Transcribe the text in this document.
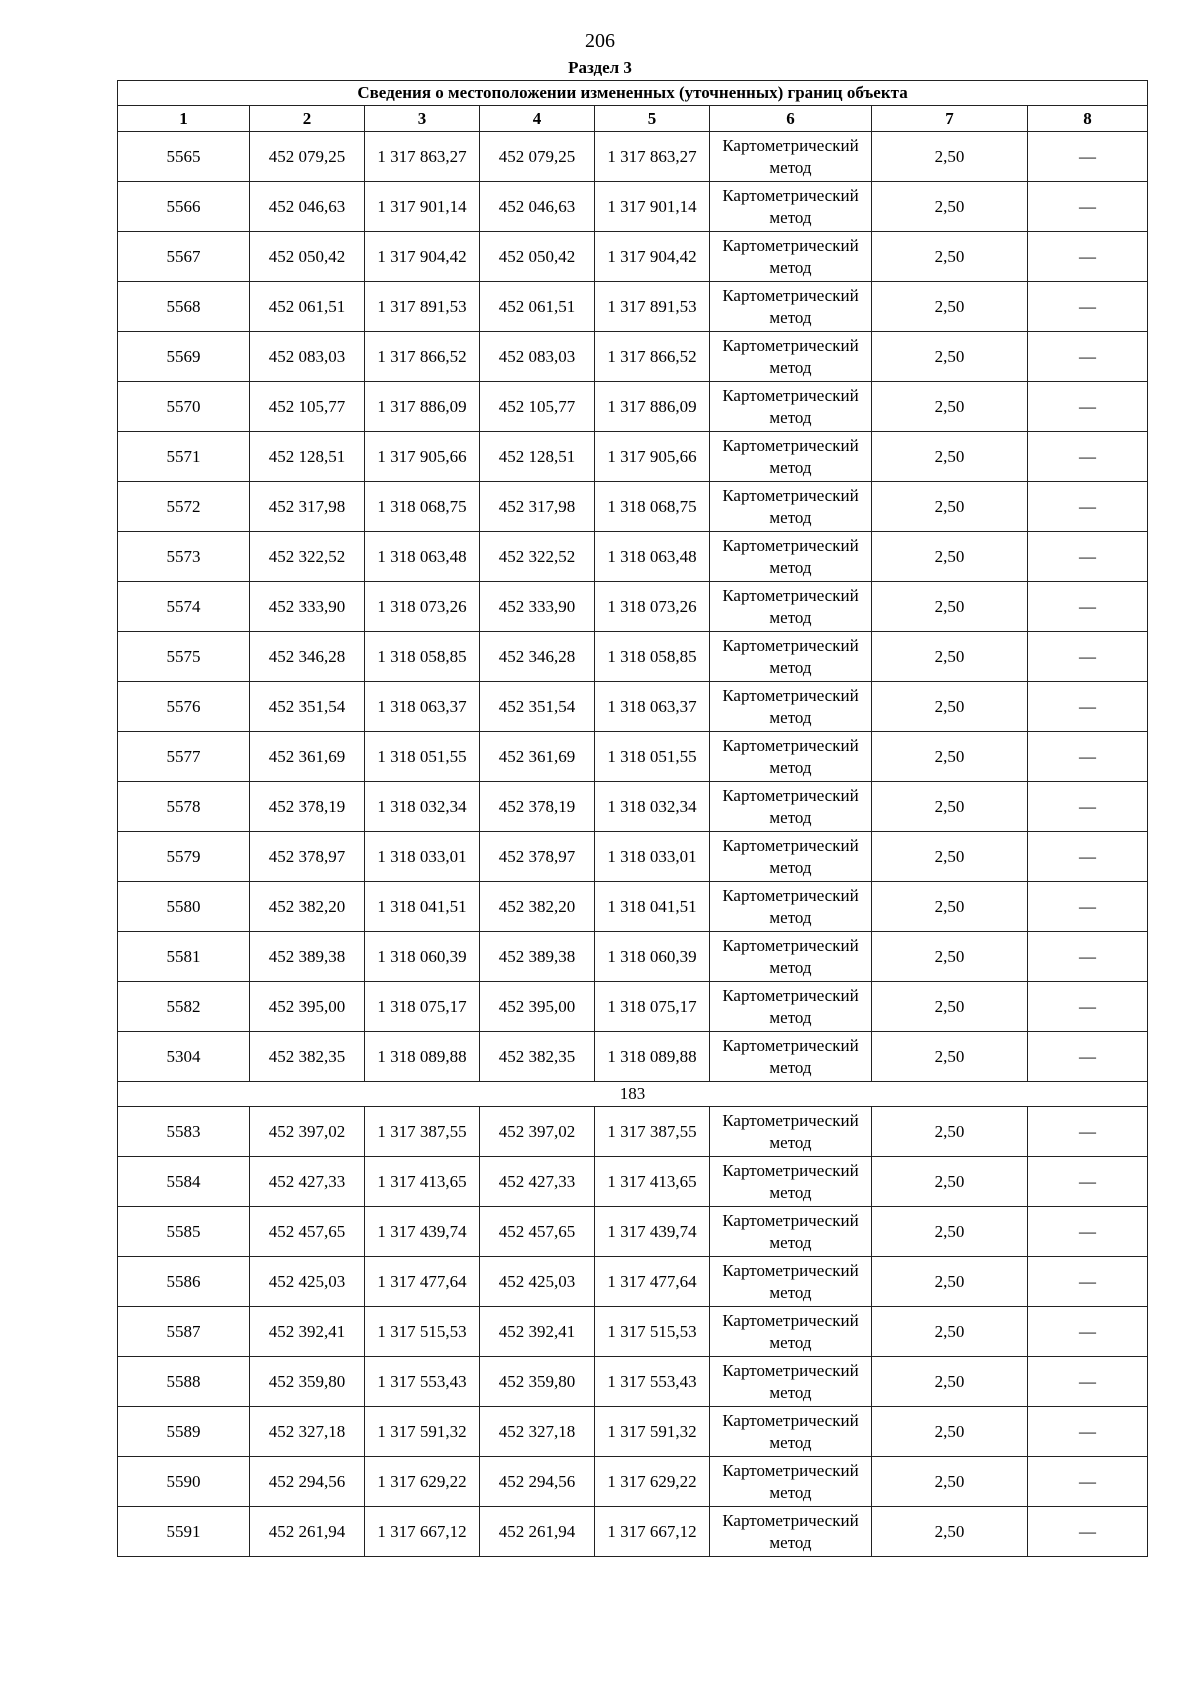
206
Раздел 3
Сведения о местоположении измененных (уточненных) границ объекта							
1	2	3	4	5	6	7	8
5565	452 079,25	1 317 863,27	452 079,25	1 317 863,27	Картометрический метод	2,50	—
5566	452 046,63	1 317 901,14	452 046,63	1 317 901,14	Картометрический метод	2,50	—
5567	452 050,42	1 317 904,42	452 050,42	1 317 904,42	Картометрический метод	2,50	—
5568	452 061,51	1 317 891,53	452 061,51	1 317 891,53	Картометрический метод	2,50	—
5569	452 083,03	1 317 866,52	452 083,03	1 317 866,52	Картометрический метод	2,50	—
5570	452 105,77	1 317 886,09	452 105,77	1 317 886,09	Картометрический метод	2,50	—
5571	452 128,51	1 317 905,66	452 128,51	1 317 905,66	Картометрический метод	2,50	—
5572	452 317,98	1 318 068,75	452 317,98	1 318 068,75	Картометрический метод	2,50	—
5573	452 322,52	1 318 063,48	452 322,52	1 318 063,48	Картометрический метод	2,50	—
5574	452 333,90	1 318 073,26	452 333,90	1 318 073,26	Картометрический метод	2,50	—
5575	452 346,28	1 318 058,85	452 346,28	1 318 058,85	Картометрический метод	2,50	—
5576	452 351,54	1 318 063,37	452 351,54	1 318 063,37	Картометрический метод	2,50	—
5577	452 361,69	1 318 051,55	452 361,69	1 318 051,55	Картометрический метод	2,50	—
5578	452 378,19	1 318 032,34	452 378,19	1 318 032,34	Картометрический метод	2,50	—
5579	452 378,97	1 318 033,01	452 378,97	1 318 033,01	Картометрический метод	2,50	—
5580	452 382,20	1 318 041,51	452 382,20	1 318 041,51	Картометрический метод	2,50	—
5581	452 389,38	1 318 060,39	452 389,38	1 318 060,39	Картометрический метод	2,50	—
5582	452 395,00	1 318 075,17	452 395,00	1 318 075,17	Картометрический метод	2,50	—
5304	452 382,35	1 318 089,88	452 382,35	1 318 089,88	Картометрический метод	2,50	—
183							
5583	452 397,02	1 317 387,55	452 397,02	1 317 387,55	Картометрический метод	2,50	—
5584	452 427,33	1 317 413,65	452 427,33	1 317 413,65	Картометрический метод	2,50	—
5585	452 457,65	1 317 439,74	452 457,65	1 317 439,74	Картометрический метод	2,50	—
5586	452 425,03	1 317 477,64	452 425,03	1 317 477,64	Картометрический метод	2,50	—
5587	452 392,41	1 317 515,53	452 392,41	1 317 515,53	Картометрический метод	2,50	—
5588	452 359,80	1 317 553,43	452 359,80	1 317 553,43	Картометрический метод	2,50	—
5589	452 327,18	1 317 591,32	452 327,18	1 317 591,32	Картометрический метод	2,50	—
5590	452 294,56	1 317 629,22	452 294,56	1 317 629,22	Картометрический метод	2,50	—
5591	452 261,94	1 317 667,12	452 261,94	1 317 667,12	Картометрический метод	2,50	—
